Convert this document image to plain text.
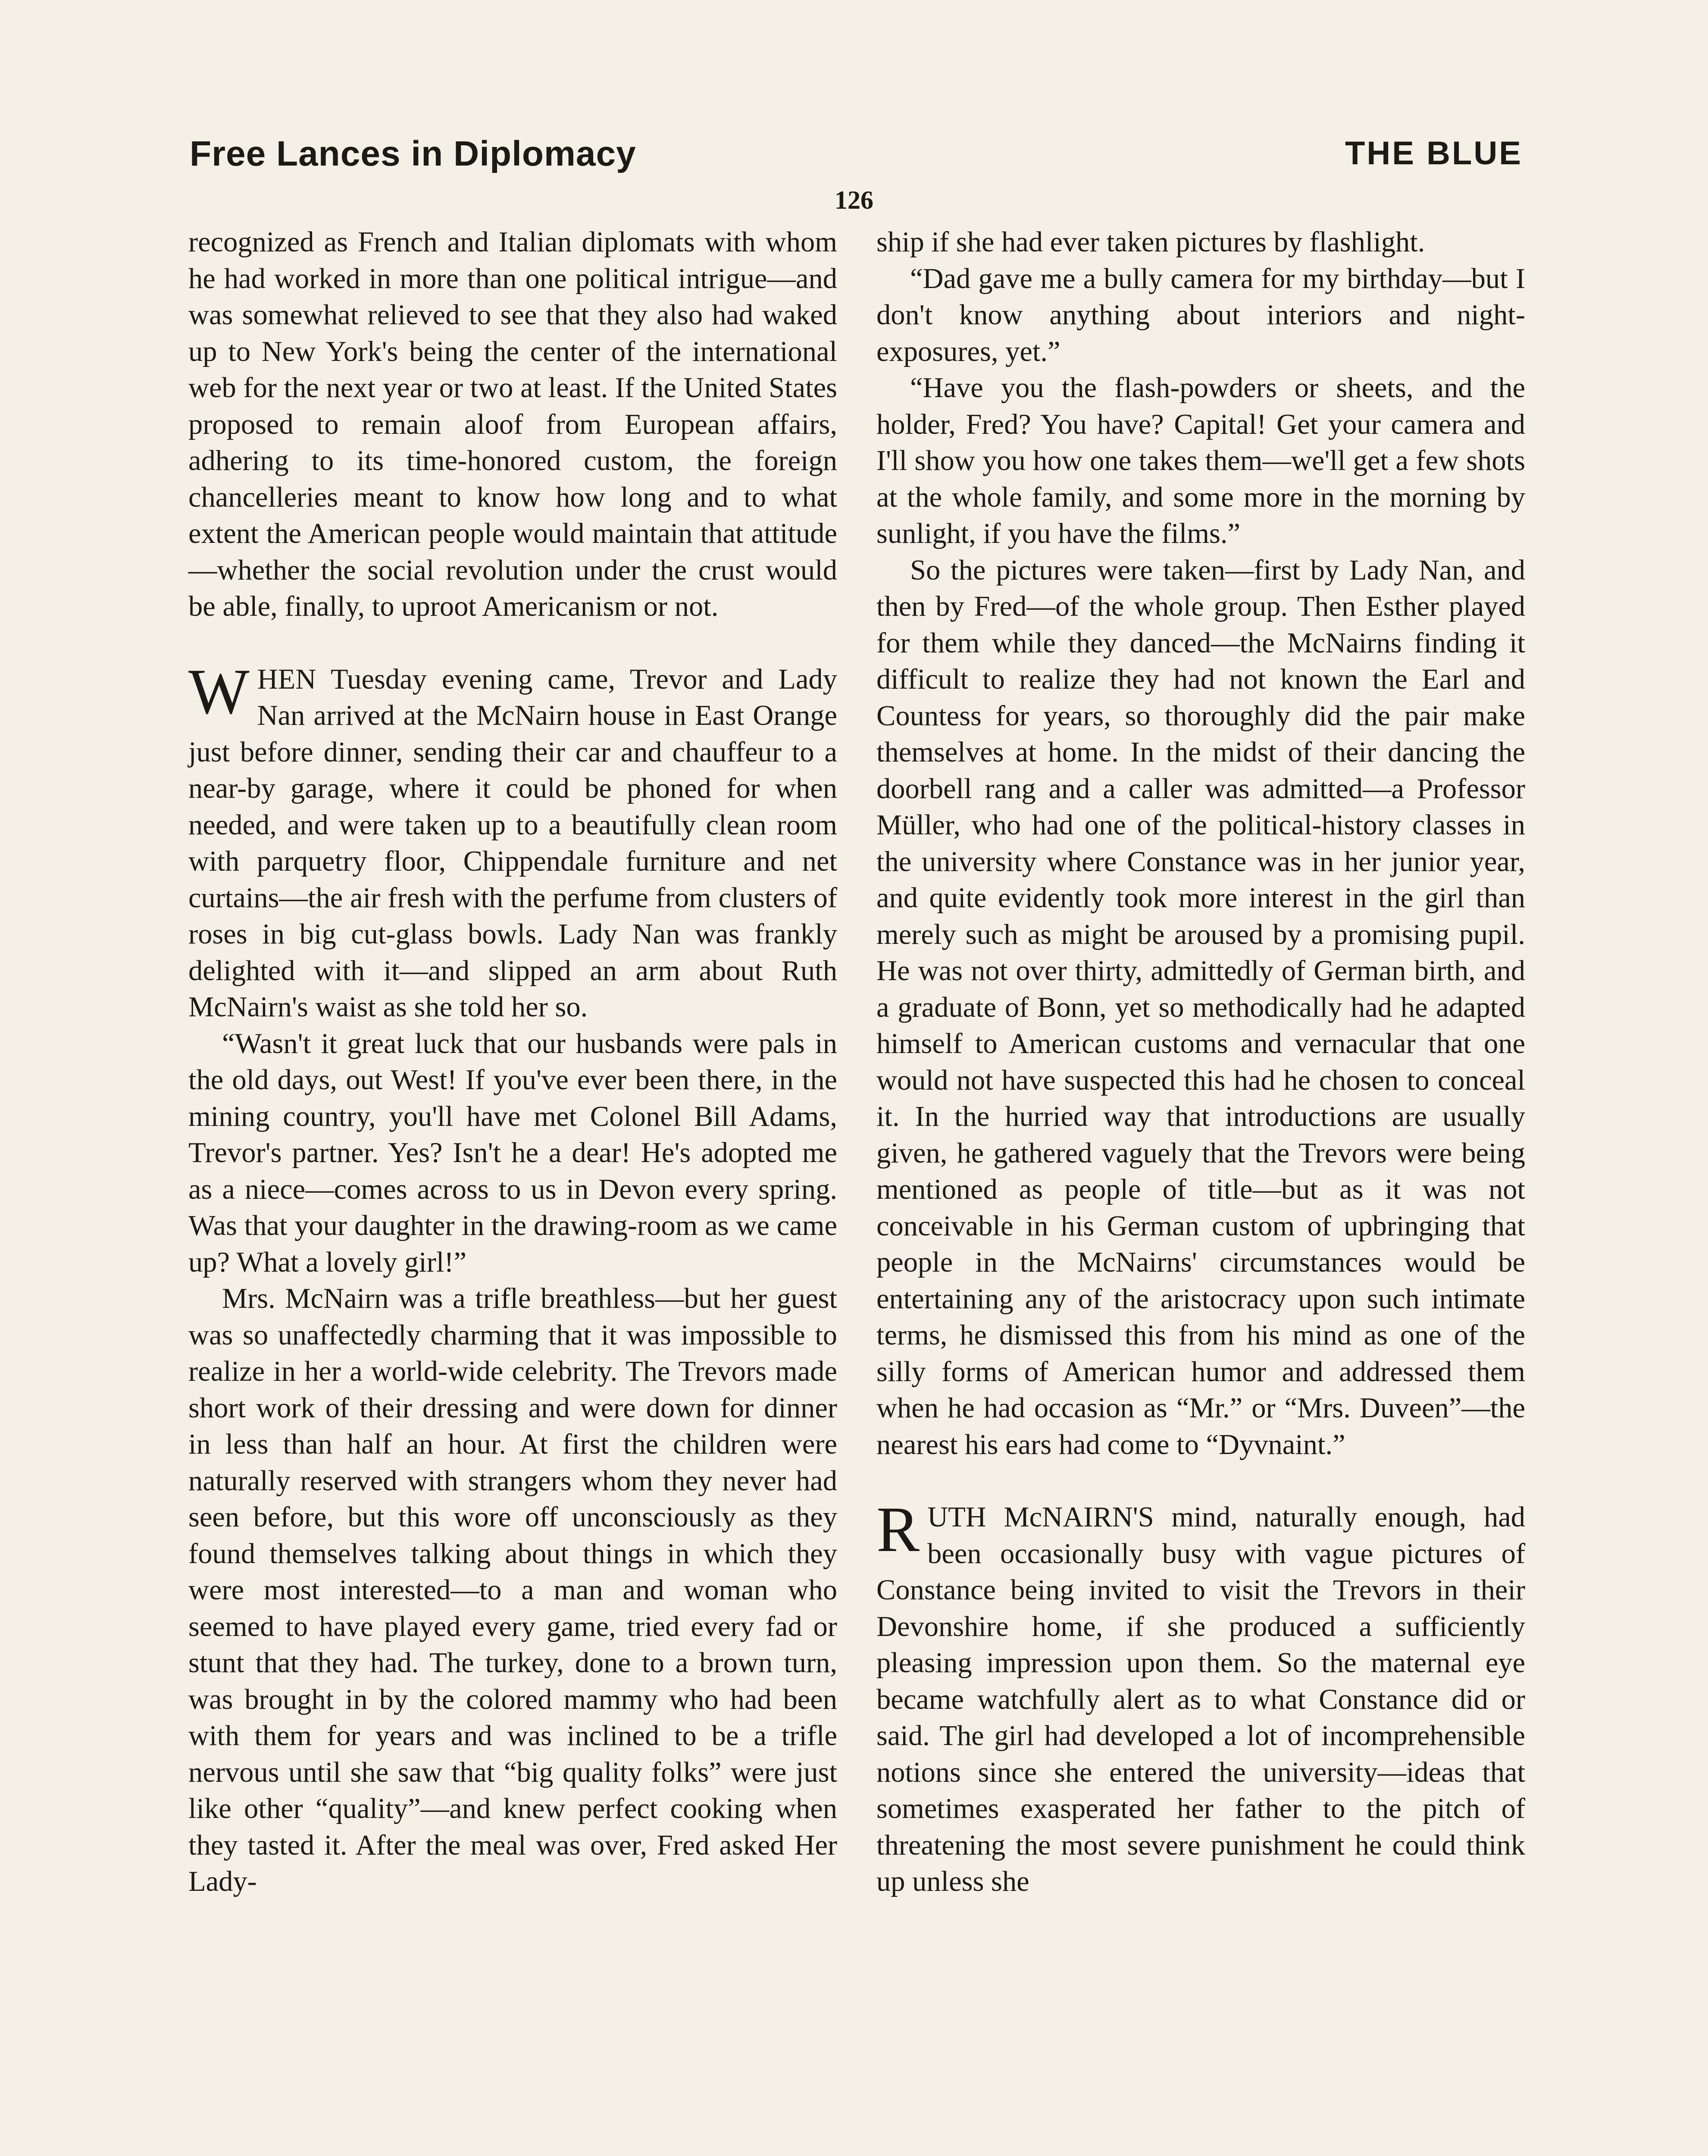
Free Lances in Diplomacy	THE BLUE
126

recognized as French and Italian diplomats with whom he had worked in more than one political intrigue—and was somewhat relieved to see that they also had waked up to New York's being the center of the international web for the next year or two at least. If the United States proposed to remain aloof from European affairs, adhering to its time-honored custom, the foreign chancelleries meant to know how long and to what extent the American people would maintain that attitude—whether the social revolution under the crust would be able, finally, to uproot Americanism or not.

WHEN Tuesday evening came, Trevor and Lady Nan arrived at the McNairn house in East Orange just before dinner, sending their car and chauffeur to a near-by garage, where it could be phoned for when needed, and were taken up to a beautifully clean room with parquetry floor, Chippendale furniture and net curtains—the air fresh with the perfume from clusters of roses in big cut-glass bowls. Lady Nan was frankly delighted with it—and slipped an arm about Ruth McNairn's waist as she told her so.

“Wasn't it great luck that our husbands were pals in the old days, out West! If you've ever been there, in the mining country, you'll have met Colonel Bill Adams, Trevor's partner. Yes? Isn't he a dear! He's adopted me as a niece—comes across to us in Devon every spring. Was that your daughter in the drawing-room as we came up? What a lovely girl!”

Mrs. McNairn was a trifle breathless—but her guest was so unaffectedly charming that it was impossible to realize in her a world-wide celebrity. The Trevors made short work of their dressing and were down for dinner in less than half an hour. At first the children were naturally reserved with strangers whom they never had seen before, but this wore off unconsciously as they found themselves talking about things in which they were most interested—to a man and woman who seemed to have played every game, tried every fad or stunt that they had. The turkey, done to a brown turn, was brought in by the colored mammy who had been with them for years and was inclined to be a trifle nervous until she saw that “big quality folks” were just like other “quality”—and knew perfect cooking when they tasted it. After the meal was over, Fred asked Her Lady-

ship if she had ever taken pictures by flashlight.

“Dad gave me a bully camera for my birthday—but I don't know anything about interiors and night-exposures, yet.”

“Have you the flash-powders or sheets, and the holder, Fred? You have? Capital! Get your camera and I'll show you how one takes them—we'll get a few shots at the whole family, and some more in the morning by sunlight, if you have the films.”

So the pictures were taken—first by Lady Nan, and then by Fred—of the whole group. Then Esther played for them while they danced—the McNairns finding it difficult to realize they had not known the Earl and Countess for years, so thoroughly did the pair make themselves at home. In the midst of their dancing the doorbell rang and a caller was admitted—a Professor Müller, who had one of the political-history classes in the university where Constance was in her junior year, and quite evidently took more interest in the girl than merely such as might be aroused by a promising pupil. He was not over thirty, admittedly of German birth, and a graduate of Bonn, yet so methodically had he adapted himself to American customs and vernacular that one would not have suspected this had he chosen to conceal it. In the hurried way that introductions are usually given, he gathered vaguely that the Trevors were being mentioned as people of title—but as it was not conceivable in his German custom of upbringing that people in the McNairns' circumstances would be entertaining any of the aristocracy upon such intimate terms, he dismissed this from his mind as one of the silly forms of American humor and addressed them when he had occasion as “Mr.” or “Mrs. Duveen”—the nearest his ears had come to “Dyvnaint.”

RUTH McNAIRN'S mind, naturally enough, had been occasionally busy with vague pictures of Constance being invited to visit the Trevors in their Devonshire home, if she produced a sufficiently pleasing impression upon them. So the maternal eye became watchfully alert as to what Constance did or said. The girl had developed a lot of incomprehensible notions since she entered the university—ideas that sometimes exasperated her father to the pitch of threatening the most severe punishment he could think up unless she
